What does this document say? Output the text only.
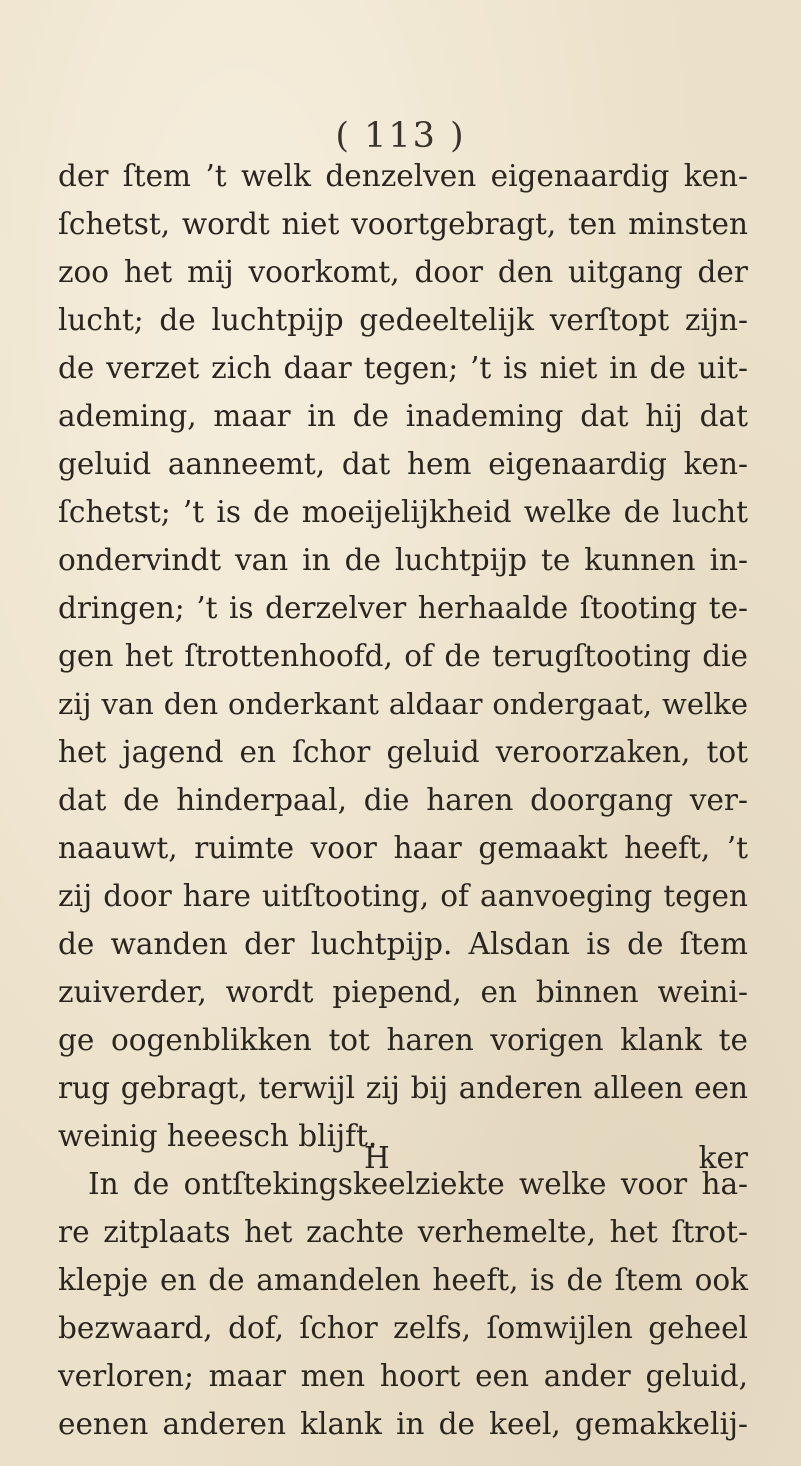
( 113 )
der ſtem ’t welk denzelven eigenaardig ken-
ſchetst, wordt niet voortgebragt, ten minsten
zoo het mij voorkomt, door den uitgang der
lucht; de luchtpijp gedeeltelijk verſtopt zijn-
de verzet zich daar tegen; ’t is niet in de uit-
ademing, maar in de inademing dat hij dat
geluid aanneemt, dat hem eigenaardig ken-
ſchetst; ’t is de moeijelijkheid welke de lucht
ondervindt van in de luchtpijp te kunnen in-
dringen; ’t is derzelver herhaalde ſtooting te-
gen het ſtrottenhoofd, of de terugſtooting die
zij van den onderkant aldaar ondergaat, welke
het jagend en ſchor geluid veroorzaken, tot
dat de hinderpaal, die haren doorgang ver-
naauwt, ruimte voor haar gemaakt heeft, ’t
zij door hare uitſtooting, of aanvoeging tegen
de wanden der luchtpijp. Alsdan is de ſtem
zuiverder, wordt piepend, en binnen weini-
ge oogenblikken tot haren vorigen klank te
rug gebragt, terwijl zij bij anderen alleen een
weinig heeesch blijft.
In de ontſtekingskeelziekte welke voor ha-
re zitplaats het zachte verhemelte, het ſtrot-
klepje en de amandelen heeft, is de ſtem ook
bezwaard, dof, ſchor zelfs, ſomwijlen geheel
verloren; maar men hoort een ander geluid,
eenen anderen klank in de keel, gemakkelij-
H	ker
